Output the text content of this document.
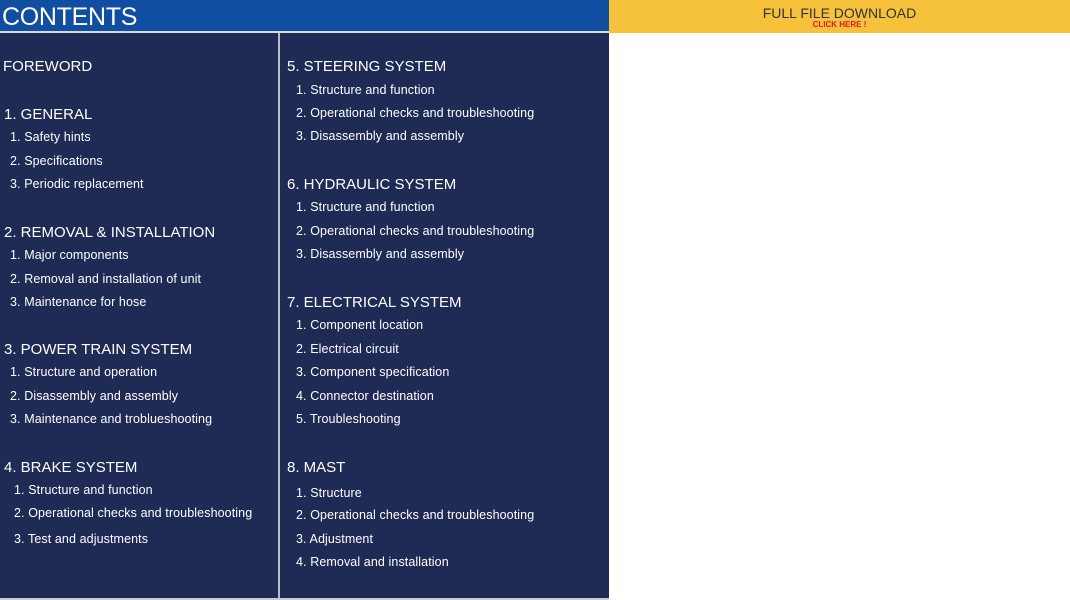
CONTENTS	FULL FILE DOWNLOAD
CLICK HERE !
FOREWORD
1. GENERAL
1. Safety hints
2. Specifications
3. Periodic replacement
2. REMOVAL & INSTALLATION
1. Major components
2. Removal and installation of unit
3. Maintenance for hose
3. POWER TRAIN SYSTEM
1. Structure and operation
2. Disassembly and assembly
3. Maintenance and troblueshooting
4. BRAKE SYSTEM
1. Structure and function
2. Operational checks and troubleshooting
3. Test and adjustments
5. STEERING SYSTEM
1. Structure and function
2. Operational checks and troubleshooting
3. Disassembly and assembly
6. HYDRAULIC SYSTEM
1. Structure and function
2. Operational checks and troubleshooting
3. Disassembly and assembly
7. ELECTRICAL SYSTEM
1. Component location
2. Electrical circuit
3. Component specification
4. Connector destination
5. Troubleshooting
8. MAST
1. Structure
2. Operational checks and troubleshooting
3. Adjustment
4. Removal and installation
